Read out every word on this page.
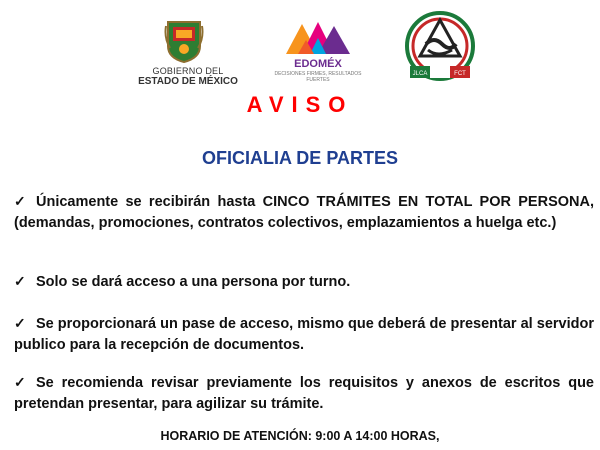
GOBIERNO DEL
ESTADO DE MÉXICO
EDOMÉX
DECISIONES FIRMES, RESULTADOS FUERTES
JLCA	FCT
AVISO
OFICIALIA DE PARTES
✓ Únicamente se recibirán hasta CINCO TRÁMITES EN TOTAL POR PERSONA, (demandas, promociones, contratos colectivos, emplazamientos a huelga etc.)
✓ Solo se dará acceso a una persona por turno.
✓ Se proporcionará un pase de acceso, mismo que deberá de presentar al servidor publico para la recepción de documentos.
✓ Se recomienda revisar previamente los requisitos y anexos de escritos que pretendan presentar, para agilizar su trámite.
HORARIO DE ATENCIÓN: 9:00 A 14:00 HORAS,
